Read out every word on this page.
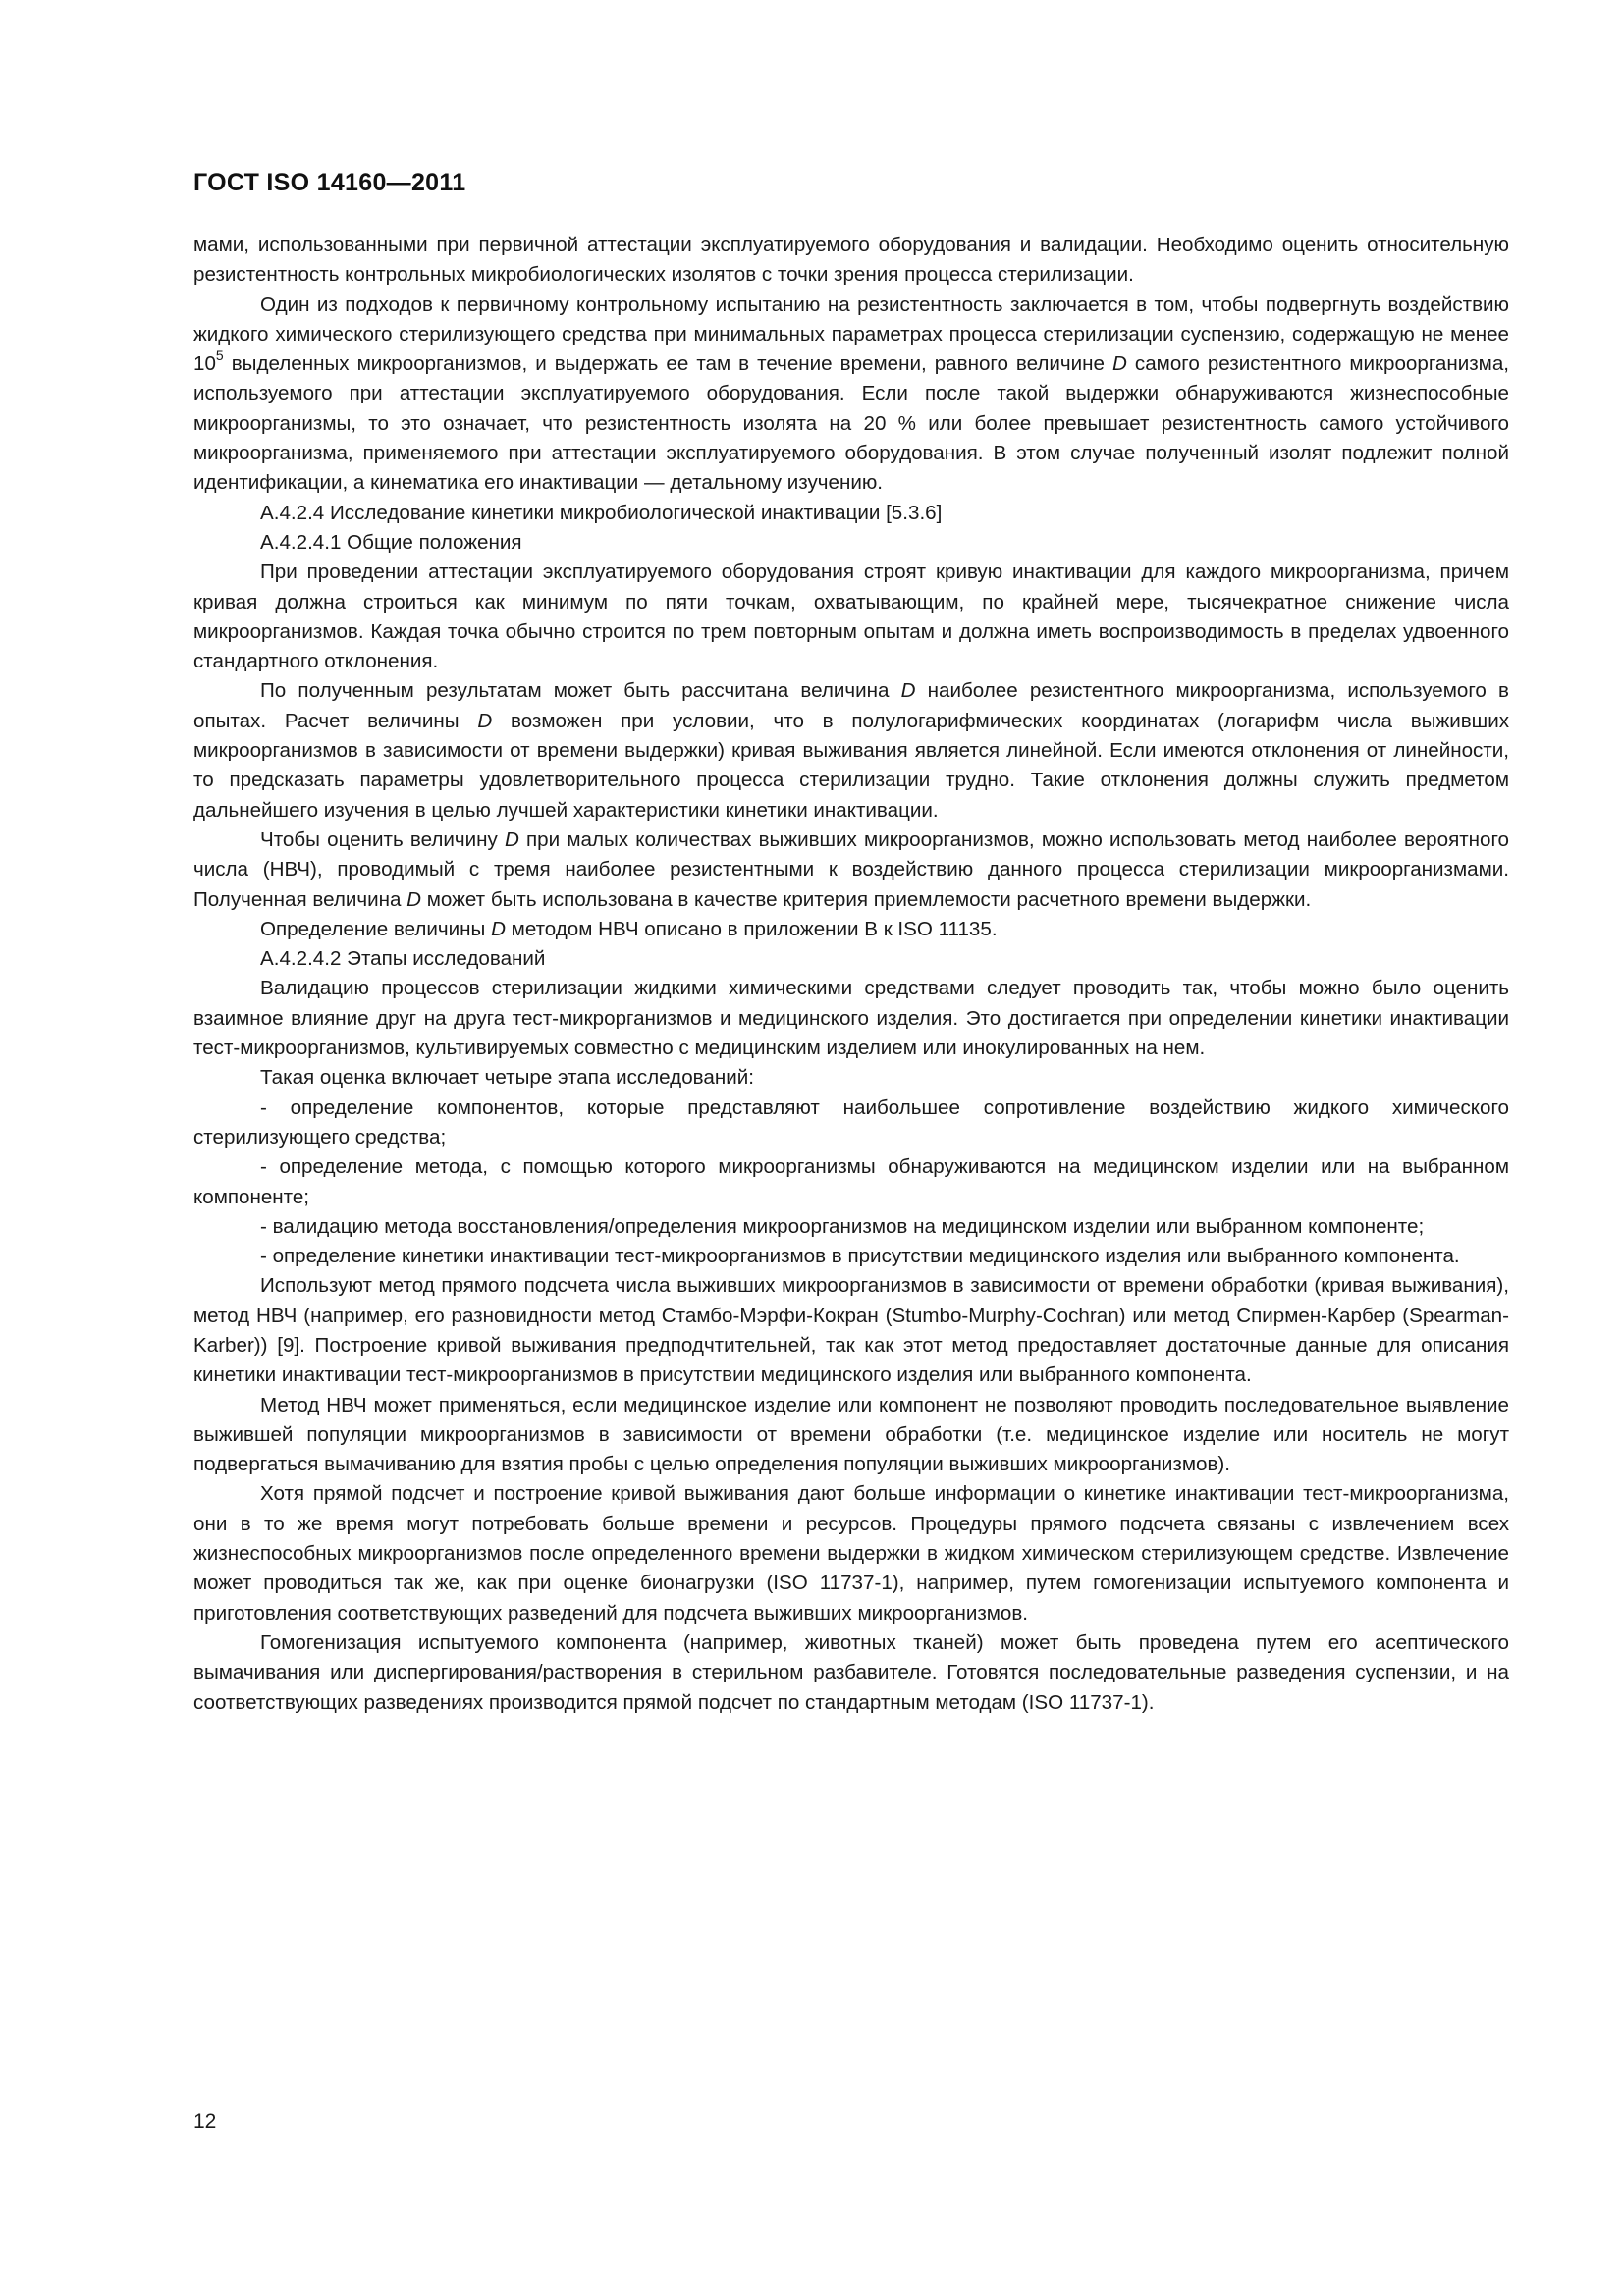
ГОСТ ISO 14160—2011

мами, использованными при первичной аттестации эксплуатируемого оборудования и валидации. Необходимо оценить относительную резистентность контрольных микробиологических изолятов с точки зрения процесса стерилизации.

Один из подходов к первичному контрольному испытанию на резистентность заключается в том, чтобы подвергнуть воздействию жидкого химического стерилизующего средства при минимальных параметрах процесса стерилизации суспензию, содержащую не менее $10^5$ выделенных микроорганизмов, и выдержать ее там в течение времени, равного величине D самого резистентного микроорганизма, используемого при аттестации эксплуатируемого оборудования. Если после такой выдержки обнаруживаются жизнеспособные микроорганизмы, то это означает, что резистентность изолята на 20 % или более превышает резистентность самого устойчивого микроорганизма, применяемого при аттестации эксплуатируемого оборудования. В этом случае полученный изолят подлежит полной идентификации, а кинематика его инактивации — детальному изучению.

А.4.2.4 Исследование кинетики микробиологической инактивации [5.3.6]

А.4.2.4.1 Общие положения

При проведении аттестации эксплуатируемого оборудования строят кривую инактивации для каждого микроорганизма, причем кривая должна строиться как минимум по пяти точкам, охватывающим, по крайней мере, тысячекратное снижение числа микроорганизмов. Каждая точка обычно строится по трем повторным опытам и должна иметь воспроизводимость в пределах удвоенного стандартного отклонения.

По полученным результатам может быть рассчитана величина D наиболее резистентного микроорганизма, используемого в опытах. Расчет величины D возможен при условии, что в полулогарифмических координатах (логарифм числа выживших микроорганизмов в зависимости от времени выдержки) кривая выживания является линейной. Если имеются отклонения от линейности, то предсказать параметры удовлетворительного процесса стерилизации трудно. Такие отклонения должны служить предметом дальнейшего изучения в целью лучшей характеристики кинетики инактивации.

Чтобы оценить величину D при малых количествах выживших микроорганизмов, можно использовать метод наиболее вероятного числа (НВЧ), проводимый с тремя наиболее резистентными к воздействию данного процесса стерилизации микроорганизмами. Полученная величина D может быть использована в качестве критерия приемлемости расчетного времени выдержки.

Определение величины D методом НВЧ описано в приложении В к ISO 11135.

А.4.2.4.2 Этапы исследований

Валидацию процессов стерилизации жидкими химическими средствами следует проводить так, чтобы можно было оценить взаимное влияние друг на друга тест-микрорганизмов и медицинского изделия. Это достигается при определении кинетики инактивации тест-микроорганизмов, культивируемых совместно с медицинским изделием или инокулированных на нем.

Такая оценка включает четыре этапа исследований:

- определение компонентов, которые представляют наибольшее сопротивление воздействию жидкого химического стерилизующего средства;

- определение метода, с помощью которого микроорганизмы обнаруживаются на медицинском изделии или на выбранном компоненте;

- валидацию метода восстановления/определения микроорганизмов на медицинском изделии или выбранном компоненте;

- определение кинетики инактивации тест-микроорганизмов в присутствии медицинского изделия или выбранного компонента.

Используют метод прямого подсчета числа выживших микроорганизмов в зависимости от времени обработки (кривая выживания), метод НВЧ (например, его разновидности метод Стамбо-Мэрфи-Кокран (Stumbo-Murphy-Cochran) или метод Спирмен-Карбер (Spearman-Karber)) [9]. Построение кривой выживания предподчтительней, так как этот метод предоставляет достаточные данные для описания кинетики инактивации тест-микроорганизмов в присутствии медицинского изделия или выбранного компонента.

Метод НВЧ может применяться, если медицинское изделие или компонент не позволяют проводить последовательное выявление выжившей популяции микроорганизмов в зависимости от времени обработки (т.е. медицинское изделие или носитель не могут подвергаться вымачиванию для взятия пробы с целью определения популяции выживших микроорганизмов).

Хотя прямой подсчет и построение кривой выживания дают больше информации о кинетике инактивации тест-микроорганизма, они в то же время могут потребовать больше времени и ресурсов. Процедуры прямого подсчета связаны с извлечением всех жизнеспособных микроорганизмов после определенного времени выдержки в жидком химическом стерилизующем средстве. Извлечение может проводиться так же, как при оценке бионагрузки (ISO 11737-1), например, путем гомогенизации испытуемого компонента и приготовления соответствующих разведений для подсчета выживших микроорганизмов.

Гомогенизация испытуемого компонента (например, животных тканей) может быть проведена путем его асептического вымачивания или диспергирования/растворения в стерильном разбавителе. Готовятся последовательные разведения суспензии, и на соответствующих разведениях производится прямой подсчет по стандартным методам (ISO 11737-1).

12
